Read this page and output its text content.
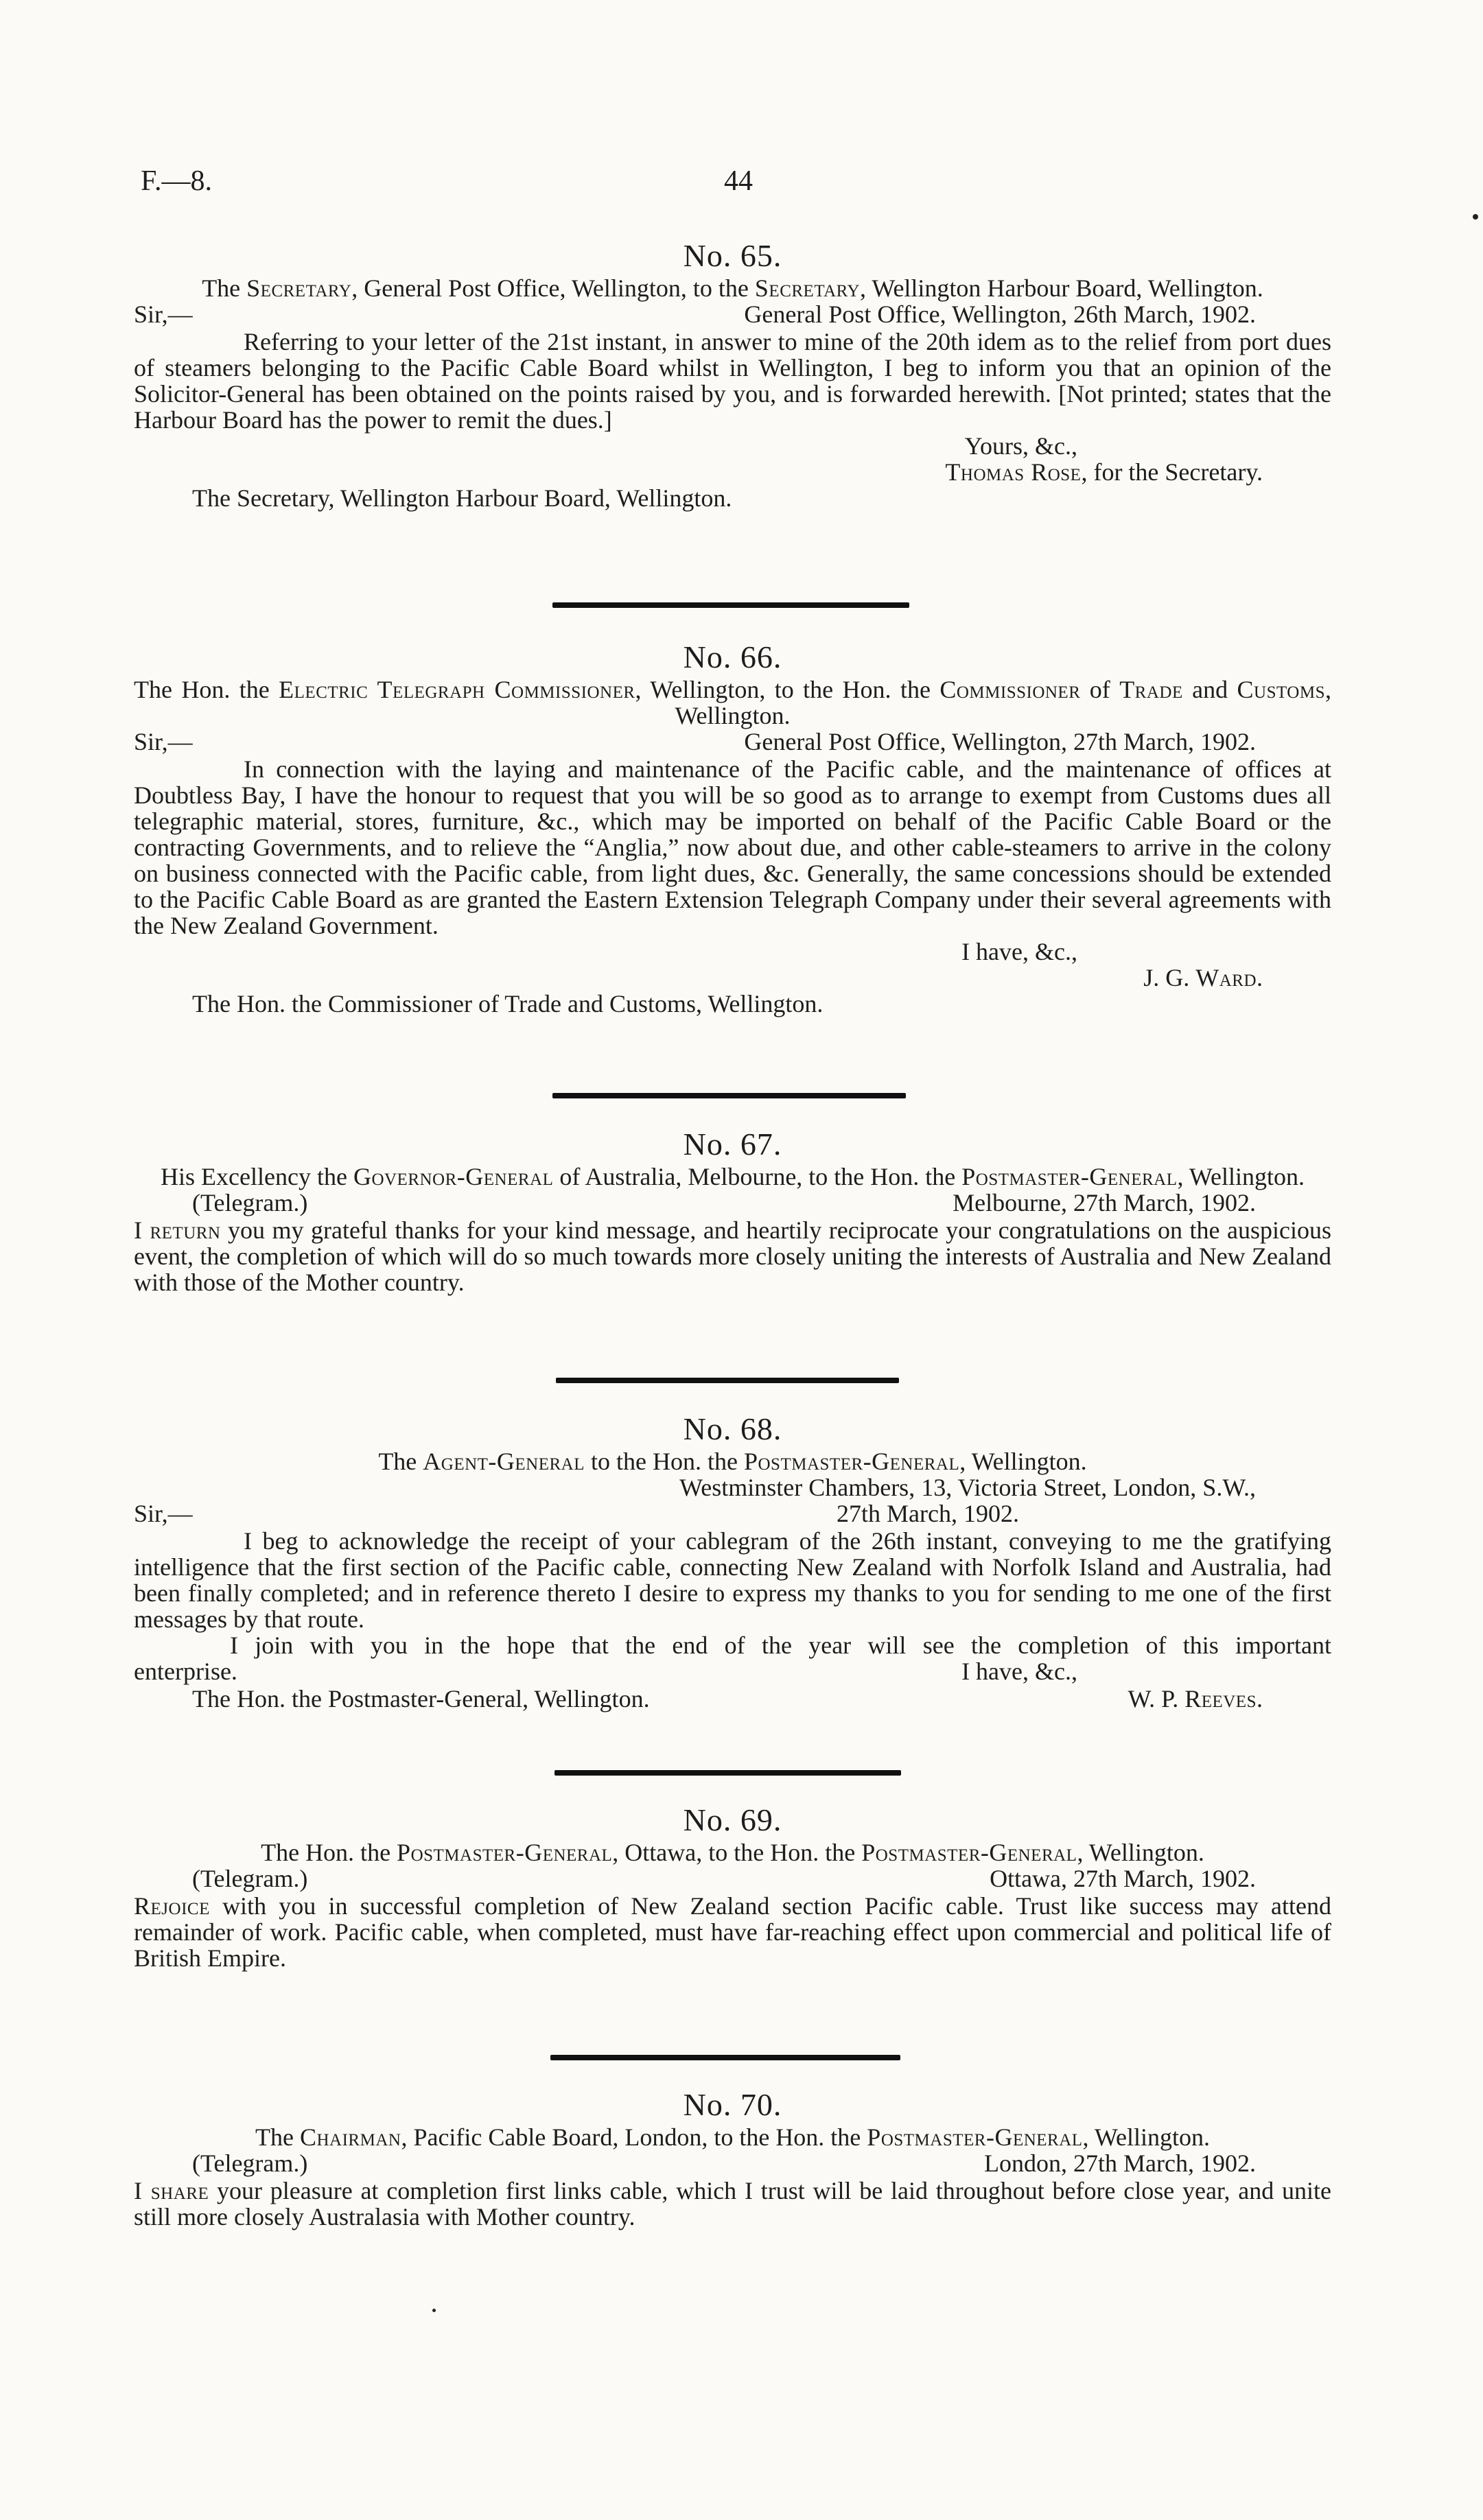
F.—8.	44

No. 65.

The Secretary, General Post Office, Wellington, to the Secretary, Wellington Harbour Board, Wellington.

Sir,—	General Post Office, Wellington, 26th March, 1902.

Referring to your letter of the 21st instant, in answer to mine of the 20th idem as to the relief from port dues of steamers belonging to the Pacific Cable Board whilst in Wellington, I beg to inform you that an opinion of the Solicitor-General has been obtained on the points raised by you, and is forwarded herewith. [Not printed; states that the Harbour Board has the power to remit the dues.]

Yours, &c.,

Thomas Rose, for the Secretary.

The Secretary, Wellington Harbour Board, Wellington.

No. 66.

The Hon. the Electric Telegraph Commissioner, Wellington, to the Hon. the Commissioner of Trade and Customs, Wellington.

Sir,—	General Post Office, Wellington, 27th March, 1902.

In connection with the laying and maintenance of the Pacific cable, and the maintenance of offices at Doubtless Bay, I have the honour to request that you will be so good as to arrange to exempt from Customs dues all telegraphic material, stores, furniture, &c., which may be imported on behalf of the Pacific Cable Board or the contracting Governments, and to relieve the “Anglia,” now about due, and other cable-steamers to arrive in the colony on business connected with the Pacific cable, from light dues, &c. Generally, the same concessions should be extended to the Pacific Cable Board as are granted the Eastern Extension Telegraph Company under their several agreements with the New Zealand Government.

I have, &c.,

J. G. Ward.

The Hon. the Commissioner of Trade and Customs, Wellington.

No. 67.

His Excellency the Governor-General of Australia, Melbourne, to the Hon. the Postmaster-General, Wellington.

(Telegram.)	Melbourne, 27th March, 1902.

I return you my grateful thanks for your kind message, and heartily reciprocate your congratulations on the auspicious event, the completion of which will do so much towards more closely uniting the interests of Australia and New Zealand with those of the Mother country.

No. 68.

The Agent-General to the Hon. the Postmaster-General, Wellington.

Westminster Chambers, 13, Victoria Street, London, S.W.,

Sir,—	27th March, 1902.

I beg to acknowledge the receipt of your cablegram of the 26th instant, conveying to me the gratifying intelligence that the first section of the Pacific cable, connecting New Zealand with Norfolk Island and Australia, had been finally completed; and in reference thereto I desire to express my thanks to you for sending to me one of the first messages by that route.

I join with you in the hope that the end of the year will see the completion of this important

enterprise.	I have, &c.,
The Hon. the Postmaster-General, Wellington.	W. P. Reeves.

No. 69.

The Hon. the Postmaster-General, Ottawa, to the Hon. the Postmaster-General, Wellington.

(Telegram.)	Ottawa, 27th March, 1902.

Rejoice with you in successful completion of New Zealand section Pacific cable. Trust like success may attend remainder of work. Pacific cable, when completed, must have far-reaching effect upon commercial and political life of British Empire.

No. 70.

The Chairman, Pacific Cable Board, London, to the Hon. the Postmaster-General, Wellington.

(Telegram.)	London, 27th March, 1902.

I share your pleasure at completion first links cable, which I trust will be laid throughout before close year, and unite still more closely Australasia with Mother country.
